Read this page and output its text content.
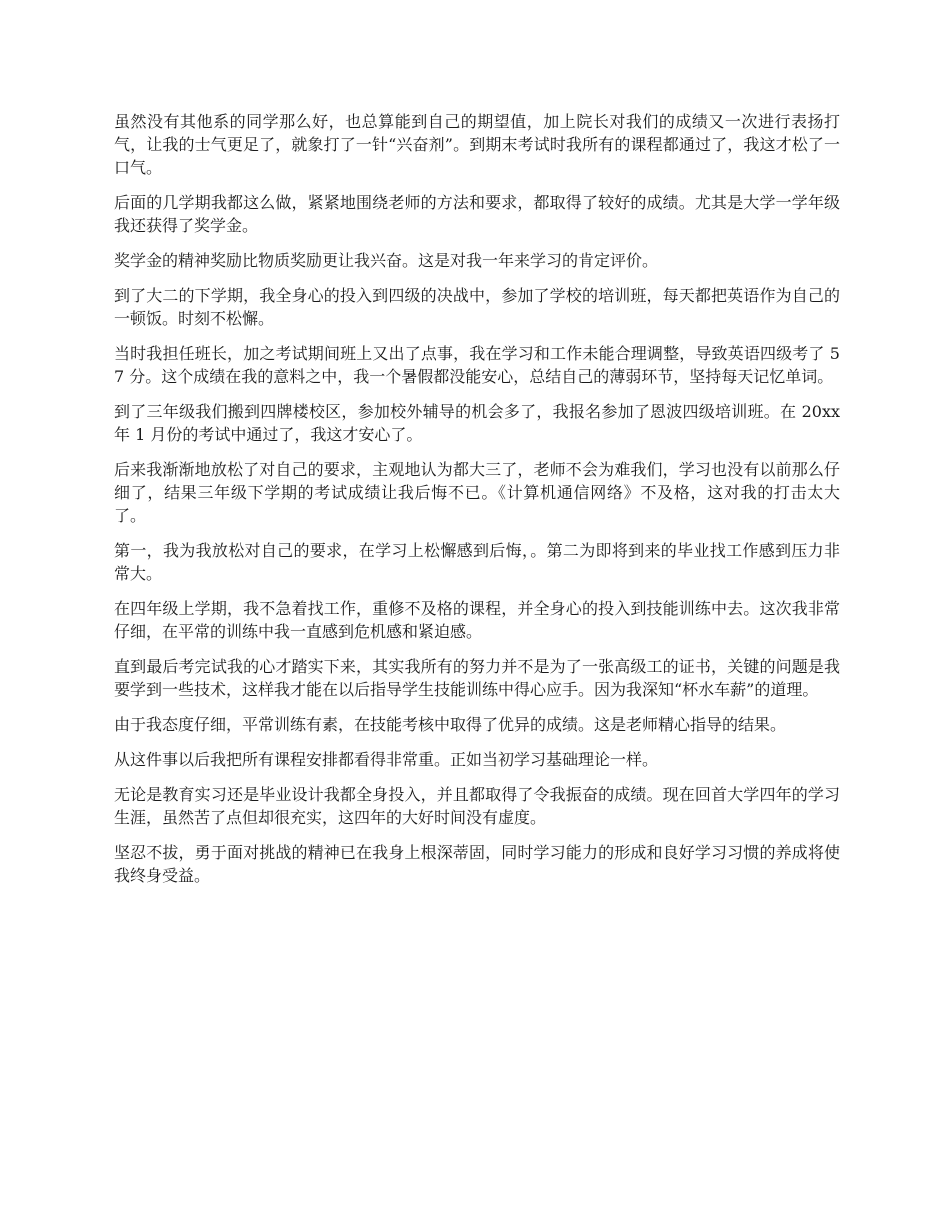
虽然没有其他系的同学那么好，也总算能到自己的期望值，加上院长对我们的成绩又一次进行表扬打气，让我的士气更足了，就象打了一针“兴奋剂”。到期末考试时我所有的课程都通过了，我这才松了一口气。

后面的几学期我都这么做，紧紧地围绕老师的方法和要求，都取得了较好的成绩。尤其是大学一学年级我还获得了奖学金。

奖学金的精神奖励比物质奖励更让我兴奋。这是对我一年来学习的肯定评价。

到了大二的下学期，我全身心的投入到四级的决战中，参加了学校的培训班，每天都把英语作为自己的一顿饭。时刻不松懈。

当时我担任班长，加之考试期间班上又出了点事，我在学习和工作未能合理调整，导致英语四级考了 57 分。这个成绩在我的意料之中，我一个暑假都没能安心，总结自己的薄弱环节，坚持每天记忆单词。

到了三年级我们搬到四牌楼校区，参加校外辅导的机会多了，我报名参加了恩波四级培训班。在 20xx 年 1 月份的考试中通过了，我这才安心了。

后来我渐渐地放松了对自己的要求，主观地认为都大三了，老师不会为难我们，学习也没有以前那么仔细了，结果三年级下学期的考试成绩让我后悔不已。《计算机通信网络》不及格，这对我的打击太大了。

第一，我为我放松对自己的要求，在学习上松懈感到后悔，。第二为即将到来的毕业找工作感到压力非常大。

在四年级上学期，我不急着找工作，重修不及格的课程，并全身心的投入到技能训练中去。这次我非常仔细，在平常的训练中我一直感到危机感和紧迫感。

直到最后考完试我的心才踏实下来，其实我所有的努力并不是为了一张高级工的证书，关键的问题是我要学到一些技术，这样我才能在以后指导学生技能训练中得心应手。因为我深知“杯水车薪”的道理。

由于我态度仔细，平常训练有素，在技能考核中取得了优异的成绩。这是老师精心指导的结果。

从这件事以后我把所有课程安排都看得非常重。正如当初学习基础理论一样。

无论是教育实习还是毕业设计我都全身投入，并且都取得了令我振奋的成绩。现在回首大学四年的学习生涯，虽然苦了点但却很充实，这四年的大好时间没有虚度。

坚忍不拔，勇于面对挑战的精神已在我身上根深蒂固，同时学习能力的形成和良好学习习惯的养成将使我终身受益。
